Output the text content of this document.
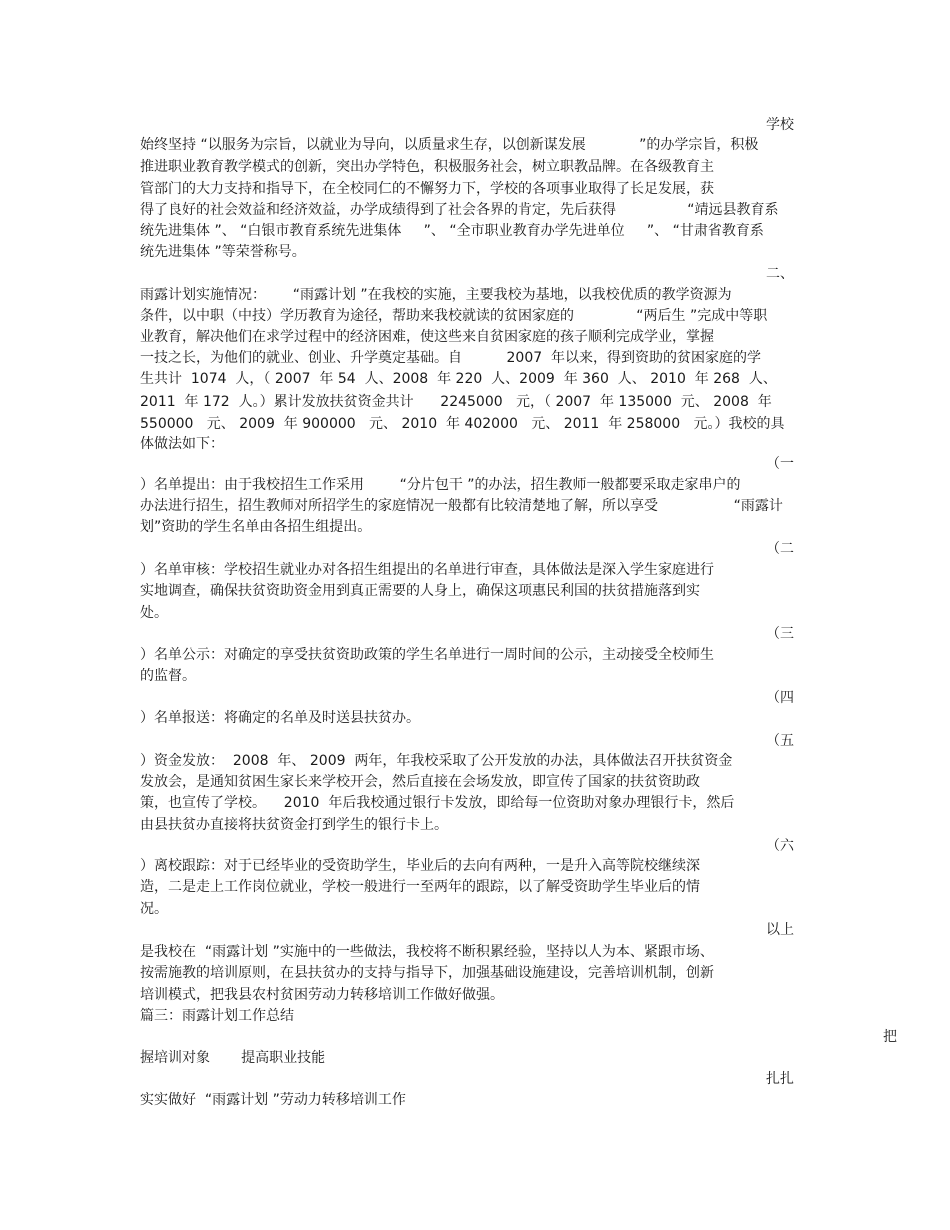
学校
始终坚持 “以服务为宗旨，以就业为导向，以质量求生存，以创新谋发展            ”的办学宗旨，积极
推进职业教育教学模式的创新，突出办学特色，积极服务社会，树立职教品牌。在各级教育主
管部门的大力支持和指导下，在全校同仁的不懈努力下，学校的各项事业取得了长足发展，获
得了良好的社会效益和经济效益，办学成绩得到了社会各界的肯定，先后获得                “靖远县教育系
统先进集体 ”、 “白银市教育系统先进集体     ”、 “全市职业教育办学先进单位     ”、 “甘肃省教育系
统先进集体 ”等荣誉称号。
二、
雨露计划实施情况：      “雨露计划 ”在我校的实施，主要我校为基地，以我校优质的教学资源为
条件，以中职（中技）学历教育为途径，帮助来我校就读的贫困家庭的              “两后生 ”完成中等职
业教育，解决他们在求学过程中的经济困难，使这些来自贫困家庭的孩子顺利完成学业，掌握
一技之长，为他们的就业、创业、升学奠定基础。自          2007  年以来，得到资助的贫困家庭的学
生共计  1074  人，（ 2007  年 54  人、2008  年 220  人、2009  年 360  人、 2010  年 268  人、
2011  年 172  人。）累计发放扶贫资金共计      2245000   元，（ 2007  年 135000  元、 2008  年
550000   元、 2009  年 900000   元、 2010  年 402000   元、 2011  年 258000   元。）我校的具
体做法如下：
（一
）名单提出：由于我校招生工作采用        “分片包干 ”的办法，招生教师一般都要采取走家串户的
办法进行招生，招生教师对所招学生的家庭情况一般都有比较清楚地了解，所以享受                 “雨露计
划”资助的学生名单由各招生组提出。
（二
）名单审核：学校招生就业办对各招生组提出的名单进行审查，具体做法是深入学生家庭进行
实地调查，确保扶贫资助资金用到真正需要的人身上，确保这项惠民利国的扶贫措施落到实
处。
（三
）名单公示：对确定的享受扶贫资助政策的学生名单进行一周时间的公示，主动接受全校师生
的监督。
（四
）名单报送：将确定的名单及时送县扶贫办。
（五
）资金发放：  2008  年、 2009  两年，年我校采取了公开发放的办法，具体做法召开扶贫资金
发放会，是通知贫困生家长来学校开会，然后直接在会场发放，即宣传了国家的扶贫资助政
策，也宣传了学校。    2010  年后我校通过银行卡发放，即给每一位资助对象办理银行卡，然后
由县扶贫办直接将扶贫资金打到学生的银行卡上。
（六
）离校跟踪：对于已经毕业的受资助学生，毕业后的去向有两种，一是升入高等院校继续深
造，二是走上工作岗位就业，学校一般进行一至两年的跟踪，以了解受资助学生毕业后的情
况。
以上
是我校在  “雨露计划 ”实施中的一些做法，我校将不断积累经验，坚持以人为本、紧跟市场、
按需施教的培训原则，在县扶贫办的支持与指导下，加强基础设施建设，完善培训机制，创新
培训模式，把我县农村贫困劳动力转移培训工作做好做强。
篇三：雨露计划工作总结
把
握培训对象       提高职业技能
扎扎
实实做好  “雨露计划 ”劳动力转移培训工作
